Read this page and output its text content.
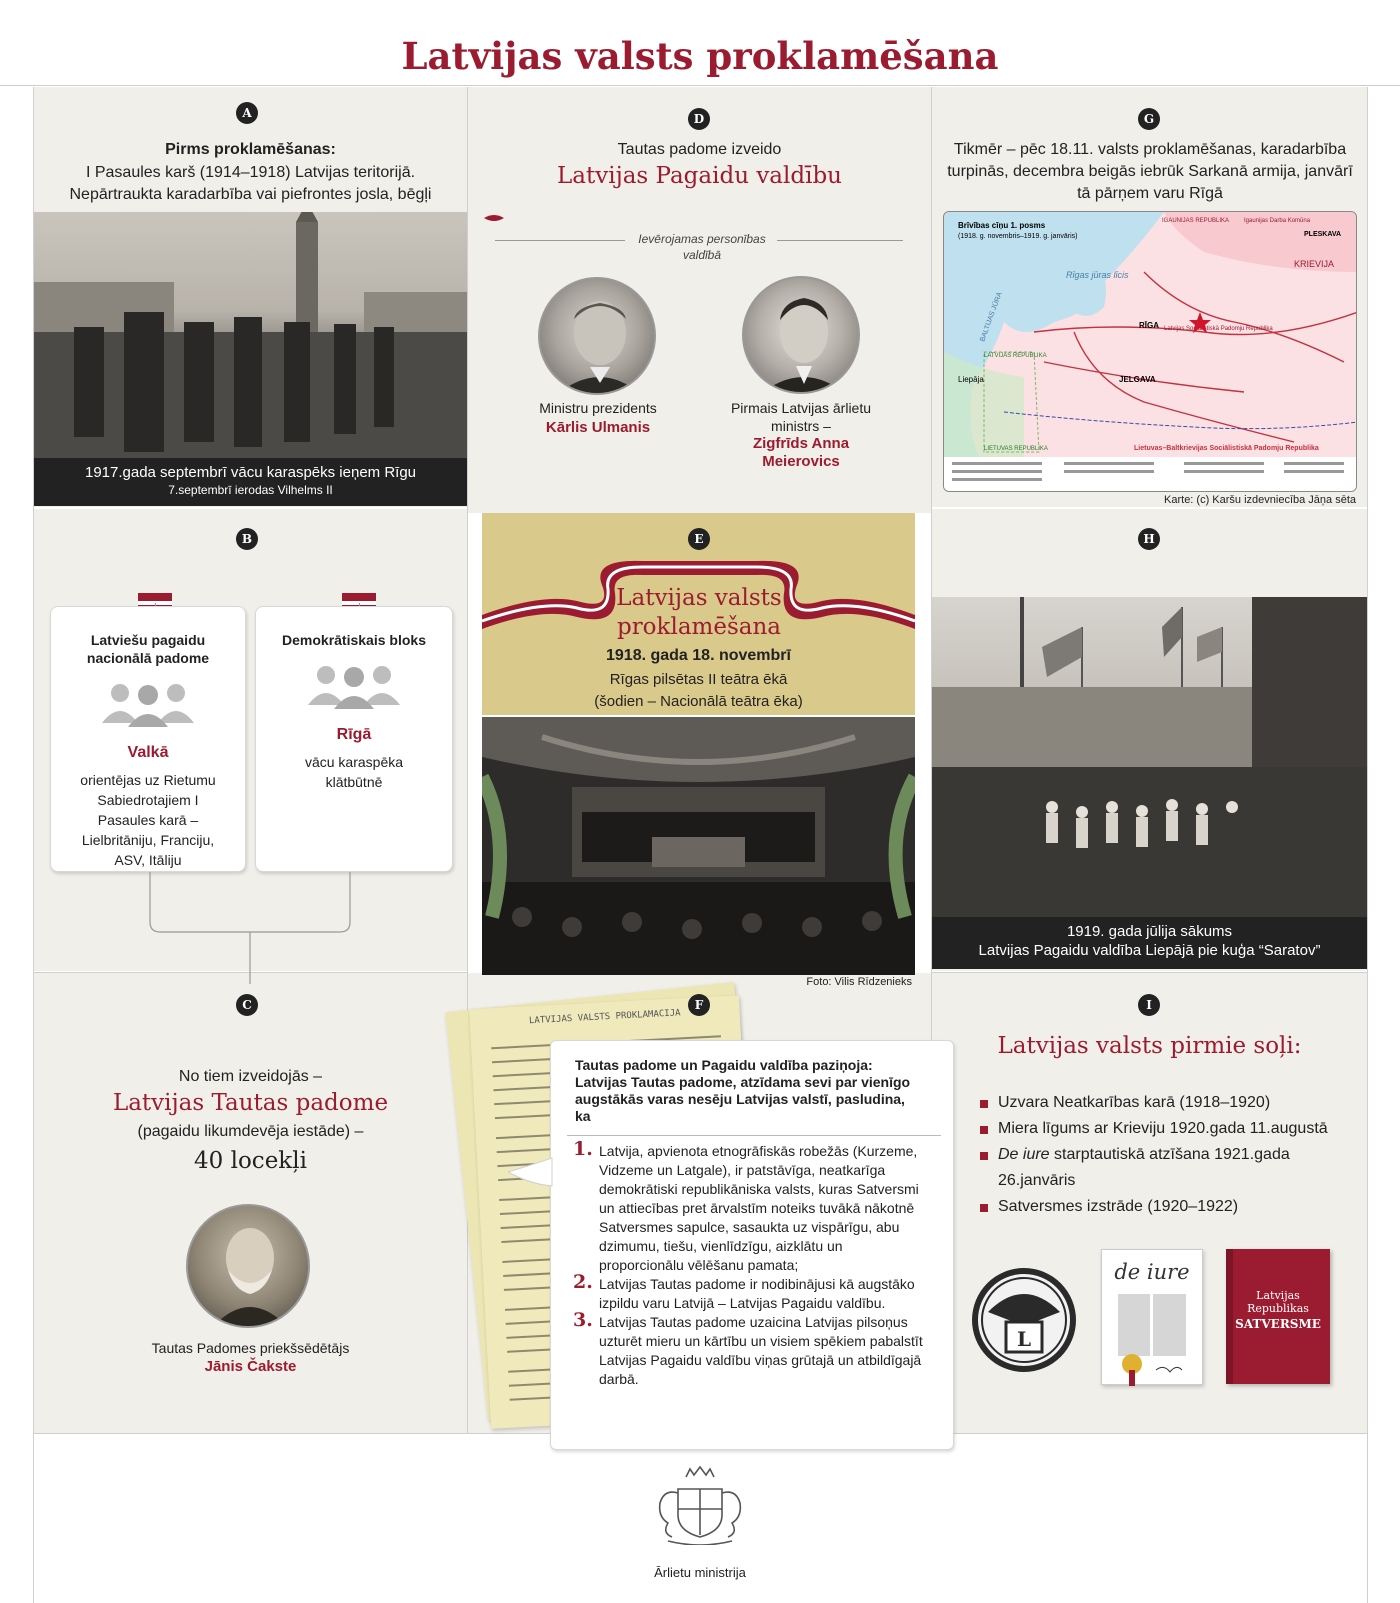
Latvijas valsts proklamēšana
A
Pirms proklamēšanas:
I Pasaules karš (1914–1918) Latvijas teritorijā.
Nepārtraukta karadarbība vai piefrontes josla, bēgļi
1917.gada septembrī vācu karaspēks ieņem Rīgu
7.septembrī ierodas Vilhelms II
B
Latviešu pagaidu nacionālā padome
Valkā
orientējas uz Rietumu Sabiedrotajiem I Pasaules karā – Lielbritāniju, Franciju, ASV, Itāliju
Demokrātiskais bloks
Rīgā
vācu karaspēka klātbūtnē
C
No tiem izveidojās –
Latvijas Tautas padome
(pagaidu likumdevēja iestāde) –
40 locekļi
Tautas Padomes priekšsēdētājs
Jānis Čakste
D
Tautas padome izveido
Latvijas Pagaidu valdību
Ievērojamas personības valdībā
Ministru prezidents
Kārlis Ulmanis
Pirmais Latvijas ārlietu ministrs –
Zigfrīds Anna Meierovics
E
Latvijas valsts proklamēšana
1918. gada 18. novembrī
Rīgas pilsētas II teātra ēkā
(šodien – Nacionālā teātra ēka)
Foto: Vilis Rīdzenieks
LATVIJAS VALSTS PROKLAMACIJA
F
Tautas padome un Pagaidu valdība paziņoja: Latvijas Tautas padome, atzīdama sevi par vienīgo augstākās varas nesēju Latvijas valstī, pasludina, ka
1. Latvija, apvienota etnogrāfiskās robežās (Kurzeme, Vidzeme un Latgale), ir patstāvīga, neatkarīga demokrātiski republikāniska valsts, kuras Satversmi un attiecības pret ārvalstīm noteiks tuvākā nākotnē Satversmes sapulce, sasaukta uz vispārīgu, abu dzimumu, tiešu, vienlīdzīgu, aizklātu un proporcionālu vēlēšanu pamata;
2. Latvijas Tautas padome ir nodibinājusi kā augstāko izpildu varu Latvijā – Latvijas Pagaidu valdību.
3. Latvijas Tautas padome uzaicina Latvijas pilsoņus uzturēt mieru un kārtību un visiem spēkiem pabalstīt Latvijas Pagaidu valdību viņas grūtajā un atbildīgajā darbā.
G
Tikmēr – pēc 18.11. valsts proklamēšanas, karadarbība turpinās, decembra beigās iebrūk Sarkanā armija, janvārī tā pārņem varu Rīgā
Brīvības cīņu 1. posms
(1918. g. novembris–1919. g. janvāris)
BALTIJAS JŪRA
Rīgas jūras līcis
RĪGA
JELGAVA
Liepāja
KRIEVIJA
PLESKAVA
IGAUNIJAS REPUBLIKA Igaunijas Darba Komūna
Latvijas Sociālistiskā Padomju Republika
LIETUVAS REPUBLIKA
LATVIJAS REPUBLIKA
Lietuvas–Baltkrievijas Sociālistiskā Padomju Republika
Karte: (c) Karšu izdevniecība Jāņa sēta
H
1919. gada jūlija sākums
Latvijas Pagaidu valdība Liepājā pie kuģa “Saratov”
I
Latvijas valsts pirmie soļi:
Uzvara Neatkarības karā (1918–1920)
Miera līgums ar Krieviju 1920.gada 11.augustā
De iure starptautiskā atzīšana 1921.gada 26.janvāris
Satversmes izstrāde (1920–1922)
L
de iure
Latvijas Republikas
SATVERSME
Ārlietu ministrija
